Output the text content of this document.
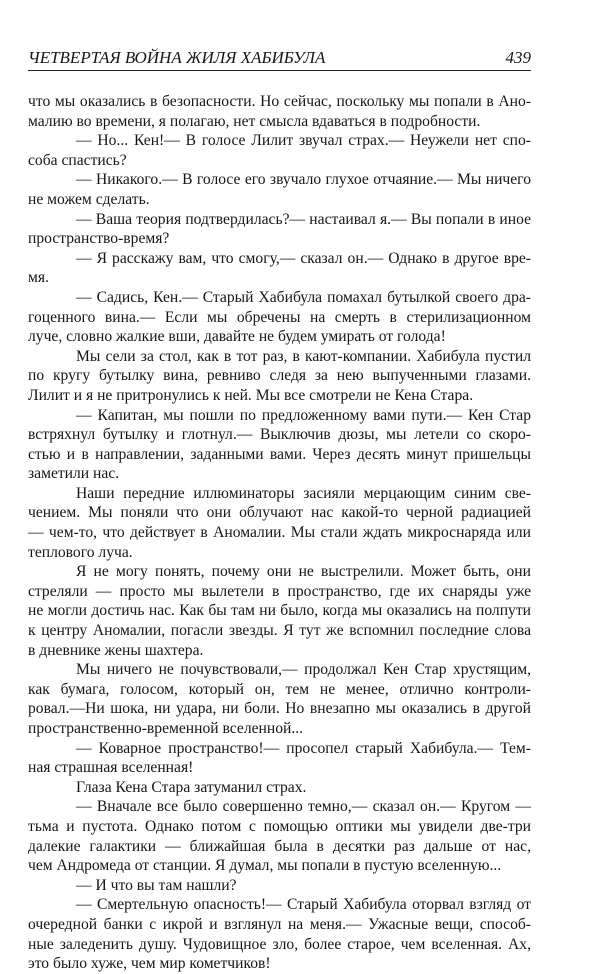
ЧЕТВЕРТАЯ ВОЙНА ЖИЛЯ ХАБИБУЛА	439
что мы оказались в безопасности. Но сейчас, поскольку мы попали в Ано-
малию во времени, я полагаю, нет смысла вдаваться в подробности.
— Но... Кен!— В голосе Лилит звучал страх.— Неужели нет спо-
соба спастись?
— Никакого.— В голосе его звучало глухое отчаяние.— Мы ничего
не можем сделать.
— Ваша теория подтвердилась?— настаивал я.— Вы попали в иное
пространство-время?
— Я расскажу вам, что смогу,— сказал он.— Однако в другое вре-
мя.
— Садись, Кен.— Старый Хабибула помахал бутылкой своего дра-
гоценного вина.— Если мы обречены на смерть в стерилизационном
луче, словно жалкие вши, давайте не будем умирать от голода!
Мы сели за стол, как в тот раз, в кают-компании. Хабибула пустил
по кругу бутылку вина, ревниво следя за нею выпученными глазами.
Лилит и я не притронулись к ней. Мы все смотрели не Кена Стара.
— Капитан, мы пошли по предложенному вами пути.— Кен Стар
встряхнул бутылку и глотнул.— Выключив дюзы, мы летели со скоро-
стью и в направлении, заданными вами. Через десять минут пришельцы
заметили нас.
Наши передние иллюминаторы засияли мерцающим синим све-
чением. Мы поняли что они облучают нас какой-то черной радиацией
— чем-то, что действует в Аномалии. Мы стали ждать микроснаряда или
теплового луча.
Я не могу понять, почему они не выстрелили. Может быть, они
стреляли — просто мы вылетели в пространство, где их снаряды уже
не могли достичь нас. Как бы там ни было, когда мы оказались на полпути
к центру Аномалии, погасли звезды. Я тут же вспомнил последние слова
в дневнике жены шахтера.
Мы ничего не почувствовали,— продолжал Кен Стар хрустящим,
как бумага, голосом, который он, тем не менее, отлично контроли-
ровал.—Ни шока, ни удара, ни боли. Но внезапно мы оказались в другой
пространственно-временной вселенной...
— Коварное пространство!— просопел старый Хабибула.— Тем-
ная страшная вселенная!
Глаза Кена Стара затуманил страх.
— Вначале все было совершенно темно,— сказал он.— Кругом —
тьма и пустота. Однако потом с помощью оптики мы увидели две-три
далекие галактики — ближайшая была в десятки раз дальше от нас,
чем Андромеда от станции. Я думал, мы попали в пустую вселенную...
— И что вы там нашли?
— Смертельную опасность!— Старый Хабибула оторвал взгляд от
очередной банки с икрой и взглянул на меня.— Ужасные вещи, способ-
ные заледенить душу. Чудовищное зло, более старое, чем вселенная. Ах,
это было хуже, чем мир кометчиков!
